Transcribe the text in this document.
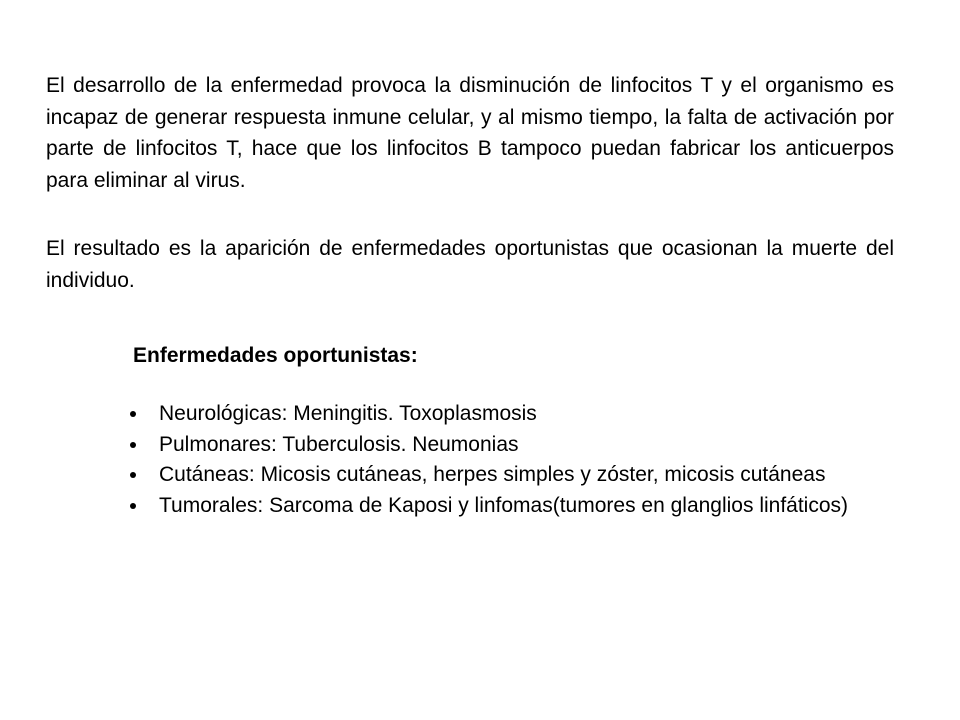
El desarrollo de la enfermedad provoca la disminución de linfocitos T y el organismo es incapaz de generar respuesta inmune celular, y al mismo tiempo, la falta de activación por parte de linfocitos T, hace que los linfocitos B tampoco puedan fabricar los anticuerpos para eliminar al virus.

El resultado es la aparición de enfermedades oportunistas que ocasionan la muerte del individuo.

Enfermedades oportunistas:

Neurológicas: Meningitis. Toxoplasmosis
Pulmonares: Tuberculosis. Neumonias
Cutáneas: Micosis cutáneas, herpes simples y zóster, micosis cutáneas
Tumorales: Sarcoma de Kaposi y linfomas(tumores en glanglios linfáticos)
